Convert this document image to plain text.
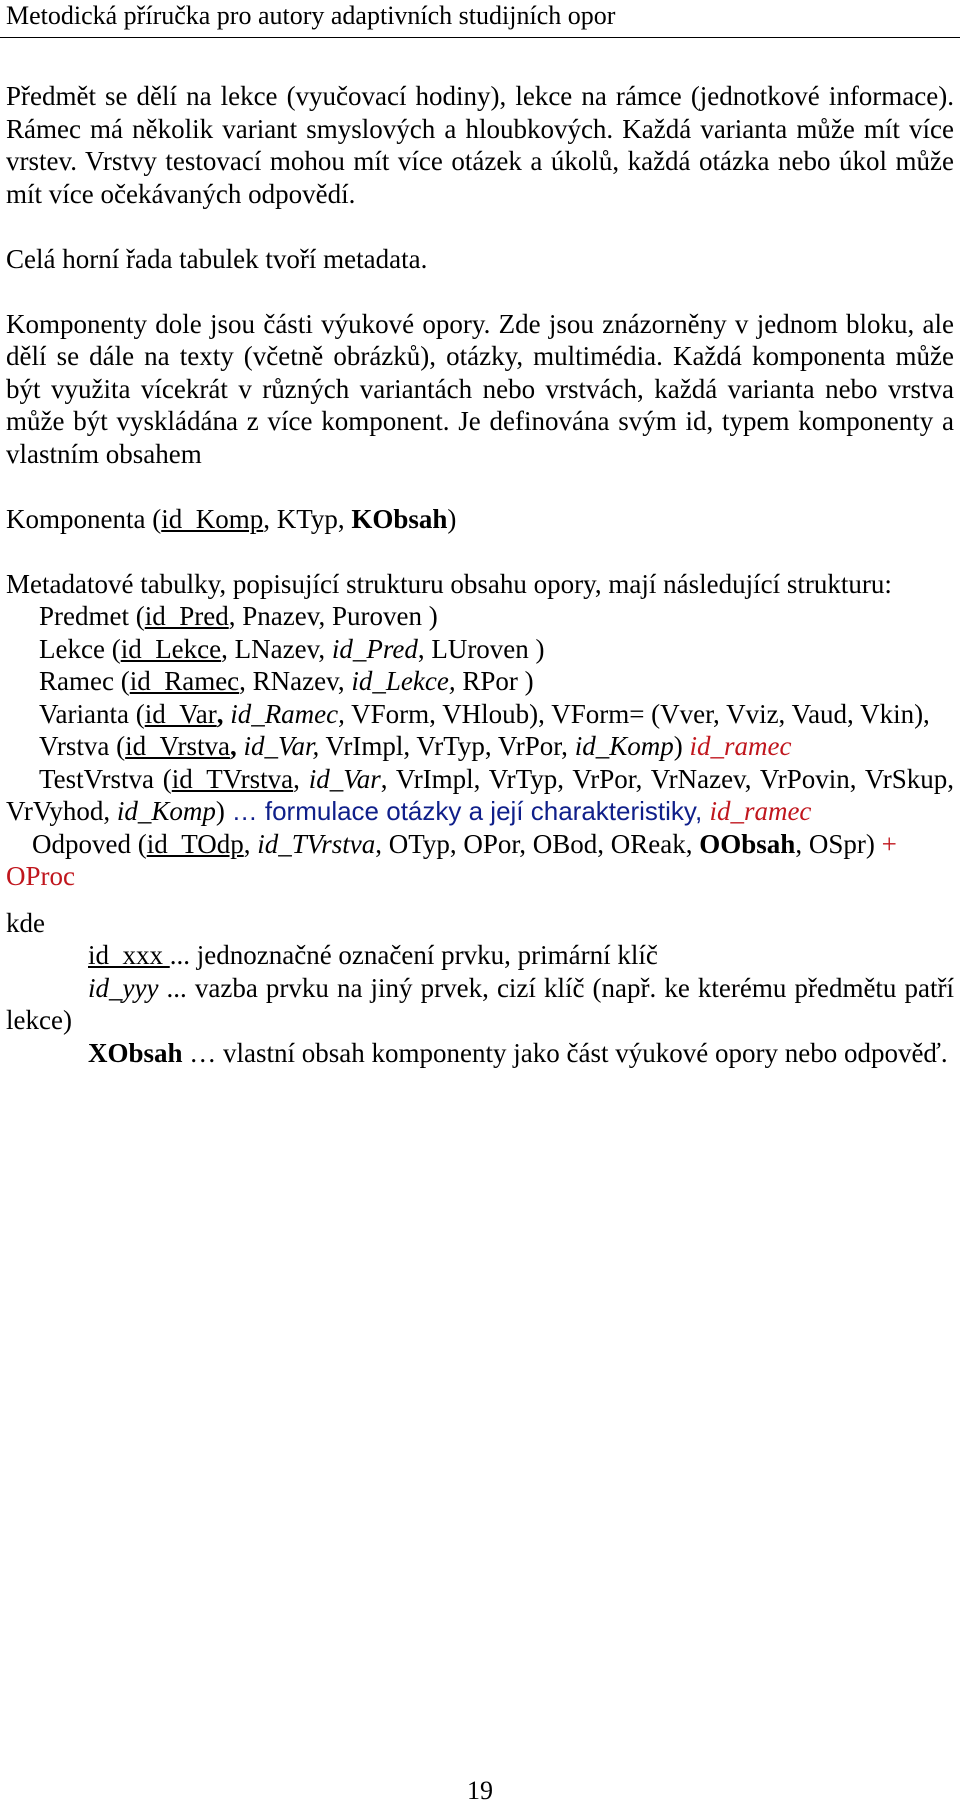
Metodická příručka pro autory adaptivních studijních opor

Předmět se dělí na lekce (vyučovací hodiny), lekce na rámce (jednotkové informace). Rámec má několik variant smyslových a hloubkových. Každá varianta může mít více vrstev. Vrstvy testovací mohou mít více otázek a úkolů, každá otázka nebo úkol může mít více očekávaných odpovědí.

Celá horní řada tabulek tvoří metadata.

Komponenty dole jsou části výukové opory. Zde jsou znázorněny v jednom bloku, ale dělí se dále na texty (včetně obrázků), otázky, multimédia. Každá komponenta může být využita vícekrát v různých variantách nebo vrstvách, každá varianta nebo vrstva může být vyskládána z více komponent. Je definována svým id, typem komponenty a vlastním obsahem

Komponenta (id_Komp, KTyp, KObsah)

Metadatové tabulky, popisující strukturu obsahu opory, mají následující strukturu:

Predmet (id_Pred, Pnazev, Puroven )

Lekce (id_Lekce, LNazev, id_Pred, LUroven )

Ramec (id_Ramec, RNazev, id_Lekce, RPor )

Varianta (id_Var, id_Ramec, VForm, VHloub), VForm= (Vver, Vviz, Vaud, Vkin),

Vrstva (id_Vrstva, id_Var, VrImpl, VrTyp, VrPor, id_Komp) id_ramec

TestVrstva (id_TVrstva, id_Var, VrImpl, VrTyp, VrPor, VrNazev, VrPovin, VrSkup, VrVyhod, id_Komp) … formulace otázky a její charakteristiky, id_ramec

Odpoved (id_TOdp, id_TVrstva, OTyp, OPor, OBod, OReak, OObsah, OSpr) + OProc

kde

id_xxx ... jednoznačné označení prvku, primární klíč

id_yyy ... vazba prvku na jiný prvek, cizí klíč (např. ke kterému předmětu patří lekce)

XObsah … vlastní obsah komponenty jako část výukové opory nebo odpověď.

19
